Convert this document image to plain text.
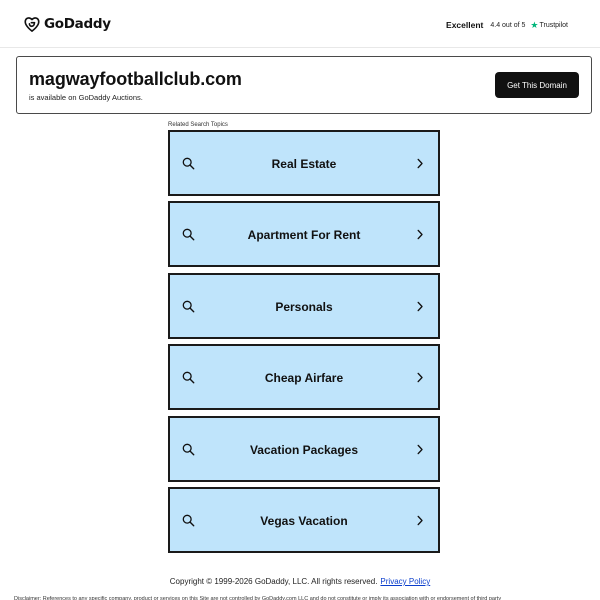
GoDaddy	Excellent 4.4 out of 5 ★ Trustpilot
magwayfootballclub.com
is available on GoDaddy Auctions.
Get This Domain
Related Search Topics
Real Estate
Apartment For Rent
Personals
Cheap Airfare
Vacation Packages
Vegas Vacation
Copyright © 1999-2026 GoDaddy, LLC. All rights reserved. Privacy Policy
Disclaimer: References to any specific company, product or services on this Site are not controlled by GoDaddy.com LLC and do not constitute or imply its association with or endorsement of third party
